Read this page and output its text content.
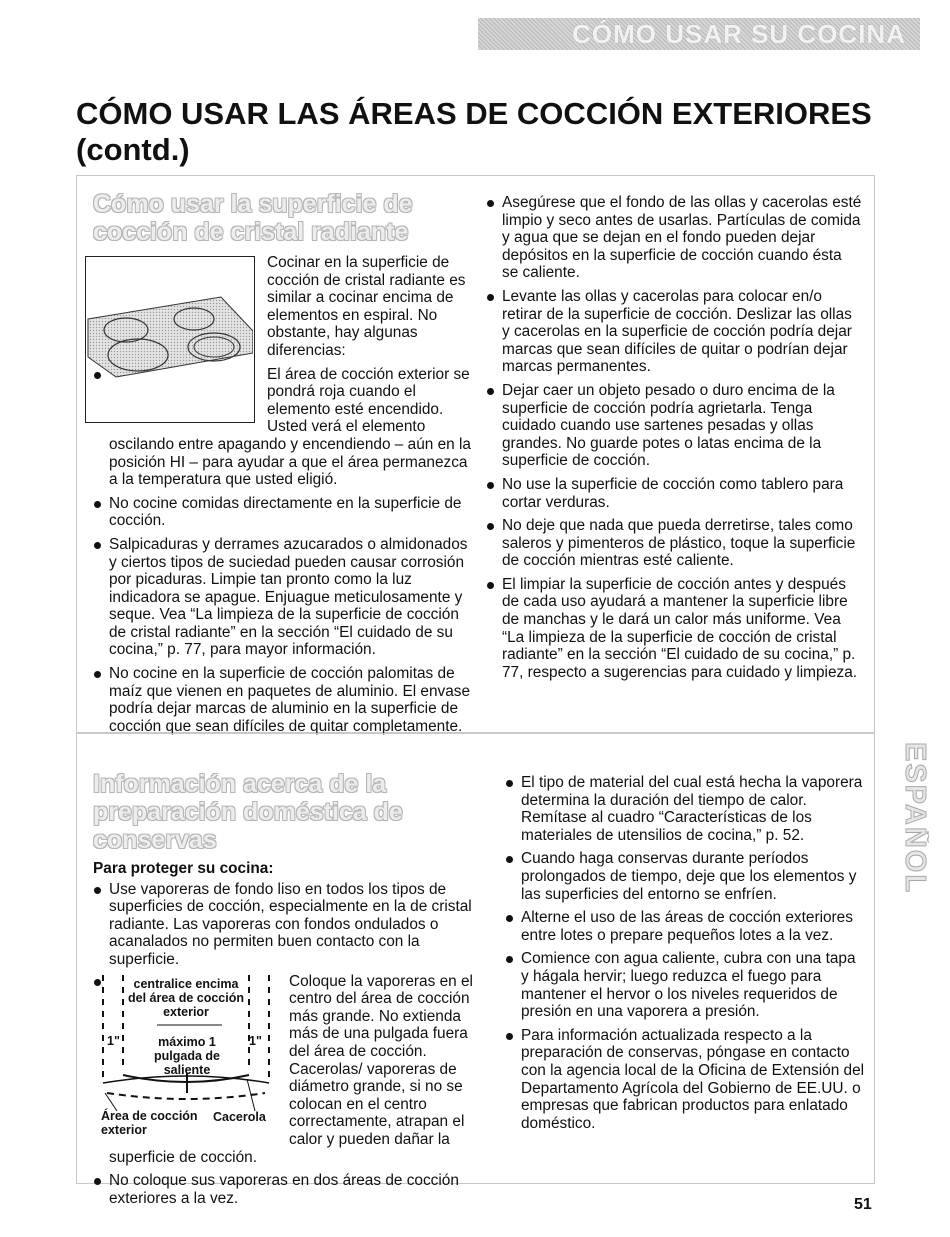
CÓMO USAR SU COCINA
CÓMO USAR LAS ÁREAS DE COCCIÓN EXTERIORES (contd.)
Cómo usar la superficie de cocción de cristal radiante

Cocinar en la superficie de cocción de cristal radiante es similar a cocinar encima de elementos en espiral. No obstante, hay algunas diferencias:

El área de cocción exterior se pondrá roja cuando el elemento esté encendido. Usted verá el elemento oscilando entre apagando y encendiendo – aún en la posición HI – para ayudar a que el área permanezca a la temperatura que usted eligió.
No cocine comidas directamente en la superficie de cocción.
Salpicaduras y derrames azucarados o almidonados y ciertos tipos de suciedad pueden causar corrosión por picaduras. Limpie tan pronto como la luz indicadora se apague. Enjuague meticulosamente y seque. Vea “La limpieza de la superficie de cocción de cristal radiante” en la sección “El cuidado de su cocina,” p. 77, para mayor información.
No cocine en la superficie de cocción palomitas de maíz que vienen en paquetes de aluminio. El envase podría dejar marcas de aluminio en la superficie de cocción que sean difíciles de quitar completamente.
Asegúrese que el fondo de las ollas y cacerolas esté limpio y seco antes de usarlas. Partículas de comida y agua que se dejan en el fondo pueden dejar depósitos en la superficie de cocción cuando ésta se caliente.
Levante las ollas y cacerolas para colocar en/o retirar de la superficie de cocción. Deslizar las ollas y cacerolas en la superficie de cocción podría dejar marcas que sean difíciles de quitar o podrían dejar marcas permanentes.
Dejar caer un objeto pesado o duro encima de la superficie de cocción podría agrietarla. Tenga cuidado cuando use sartenes pesadas y ollas grandes. No guarde potes o latas encima de la superficie de cocción.
No use la superficie de cocción como tablero para cortar verduras.
No deje que nada que pueda derretirse, tales como saleros y pimenteros de plástico, toque la superficie de cocción mientras esté caliente.
El limpiar la superficie de cocción antes y después de cada uso ayudará a mantener la superficie libre de manchas y le dará un calor más uniforme. Vea “La limpieza de la superficie de cocción de cristal radiante” en la sección “El cuidado de su cocina,” p. 77, respecto a sugerencias para cuidado y limpieza.
Información acerca de la preparación doméstica de conservas

Para proteger su cocina:

Use vaporeras de fondo liso en todos los tipos de superficies de cocción, especialmente en la de cristal radiante. Las vaporeras con fondos ondulados o acanalados no permiten buen contacto con la superficie.
centralice encima del área de cocción exterior
máximo 1 pulgada de saliente
1"	1"
Área de cocción exterior
Cacerola
Coloque la vaporeras en el centro del área de cocción más grande. No extienda más de una pulgada fuera del área de cocción. Cacerolas/ vaporeras de diámetro grande, si no se colocan en el centro correctamente, atrapan el calor y pueden dañar la superficie de cocción.
No coloque sus vaporeras en dos áreas de cocción exteriores a la vez.
El tipo de material del cual está hecha la vaporera determina la duración del tiempo de calor. Remítase al cuadro “Características de los materiales de utensilios de cocina,” p. 52.
Cuando haga conservas durante períodos prolongados de tiempo, deje que los elementos y las superficies del entorno se enfríen.
Alterne el uso de las áreas de cocción exteriores entre lotes o prepare pequeños lotes a la vez.
Comience con agua caliente, cubra con una tapa y hágala hervir; luego reduzca el fuego para mantener el hervor o los niveles requeridos de presión en una vaporera a presión.
Para información actualizada respecto a la preparación de conservas, póngase en contacto con la agencia local de la Oficina de Extensión del Departamento Agrícola del Gobierno de EE.UU. o empresas que fabrican productos para enlatado doméstico.
ESPAÑOL
51
